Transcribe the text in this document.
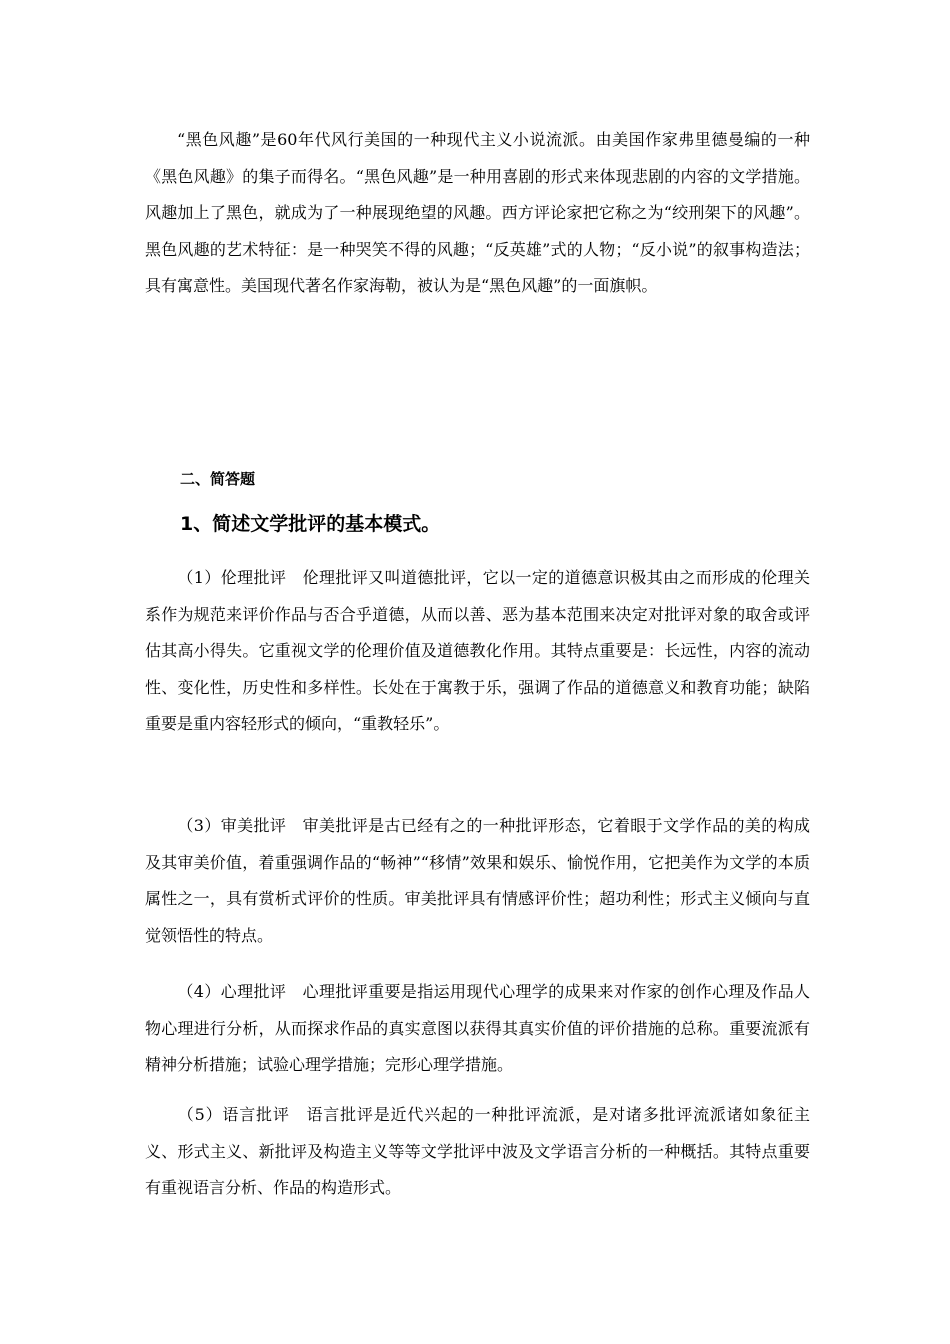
“黑色风趣”是60年代风行美国的一种现代主义小说流派。由美国作家弗里德曼编的一种《黑色风趣》的集子而得名。“黑色风趣”是一种用喜剧的形式来体现悲剧的内容的文学措施。风趣加上了黑色，就成为了一种展现绝望的风趣。西方评论家把它称之为“绞刑架下的风趣”。黑色风趣的艺术特征：是一种哭笑不得的风趣；“反英雄”式的人物；“反小说”的叙事构造法；具有寓意性。美国现代著名作家海勒，被认为是“黑色风趣”的一面旗帜。

二、简答题
1、简述文学批评的基本模式。

（1）伦理批评　伦理批评又叫道德批评，它以一定的道德意识极其由之而形成的伦理关系作为规范来评价作品与否合乎道德，从而以善、恶为基本范围来决定对批评对象的取舍或评估其高小得失。它重视文学的伦理价值及道德教化作用。其特点重要是：长远性，内容的流动性、变化性，历史性和多样性。长处在于寓教于乐，强调了作品的道德意义和教育功能；缺陷重要是重内容轻形式的倾向，“重教轻乐”。

（3）审美批评　审美批评是古已经有之的一种批评形态，它着眼于文学作品的美的构成及其审美价值，着重强调作品的“畅神”“移情”效果和娱乐、愉悦作用，它把美作为文学的本质属性之一，具有赏析式评价的性质。审美批评具有情感评价性；超功利性；形式主义倾向与直觉领悟性的特点。

（4）心理批评　心理批评重要是指运用现代心理学的成果来对作家的创作心理及作品人物心理进行分析，从而探求作品的真实意图以获得其真实价值的评价措施的总称。重要流派有精神分析措施；试验心理学措施；完形心理学措施。

（5）语言批评　语言批评是近代兴起的一种批评流派，是对诸多批评流派诸如象征主义、形式主义、新批评及构造主义等等文学批评中波及文学语言分析的一种概括。其特点重要有重视语言分析、作品的构造形式。
